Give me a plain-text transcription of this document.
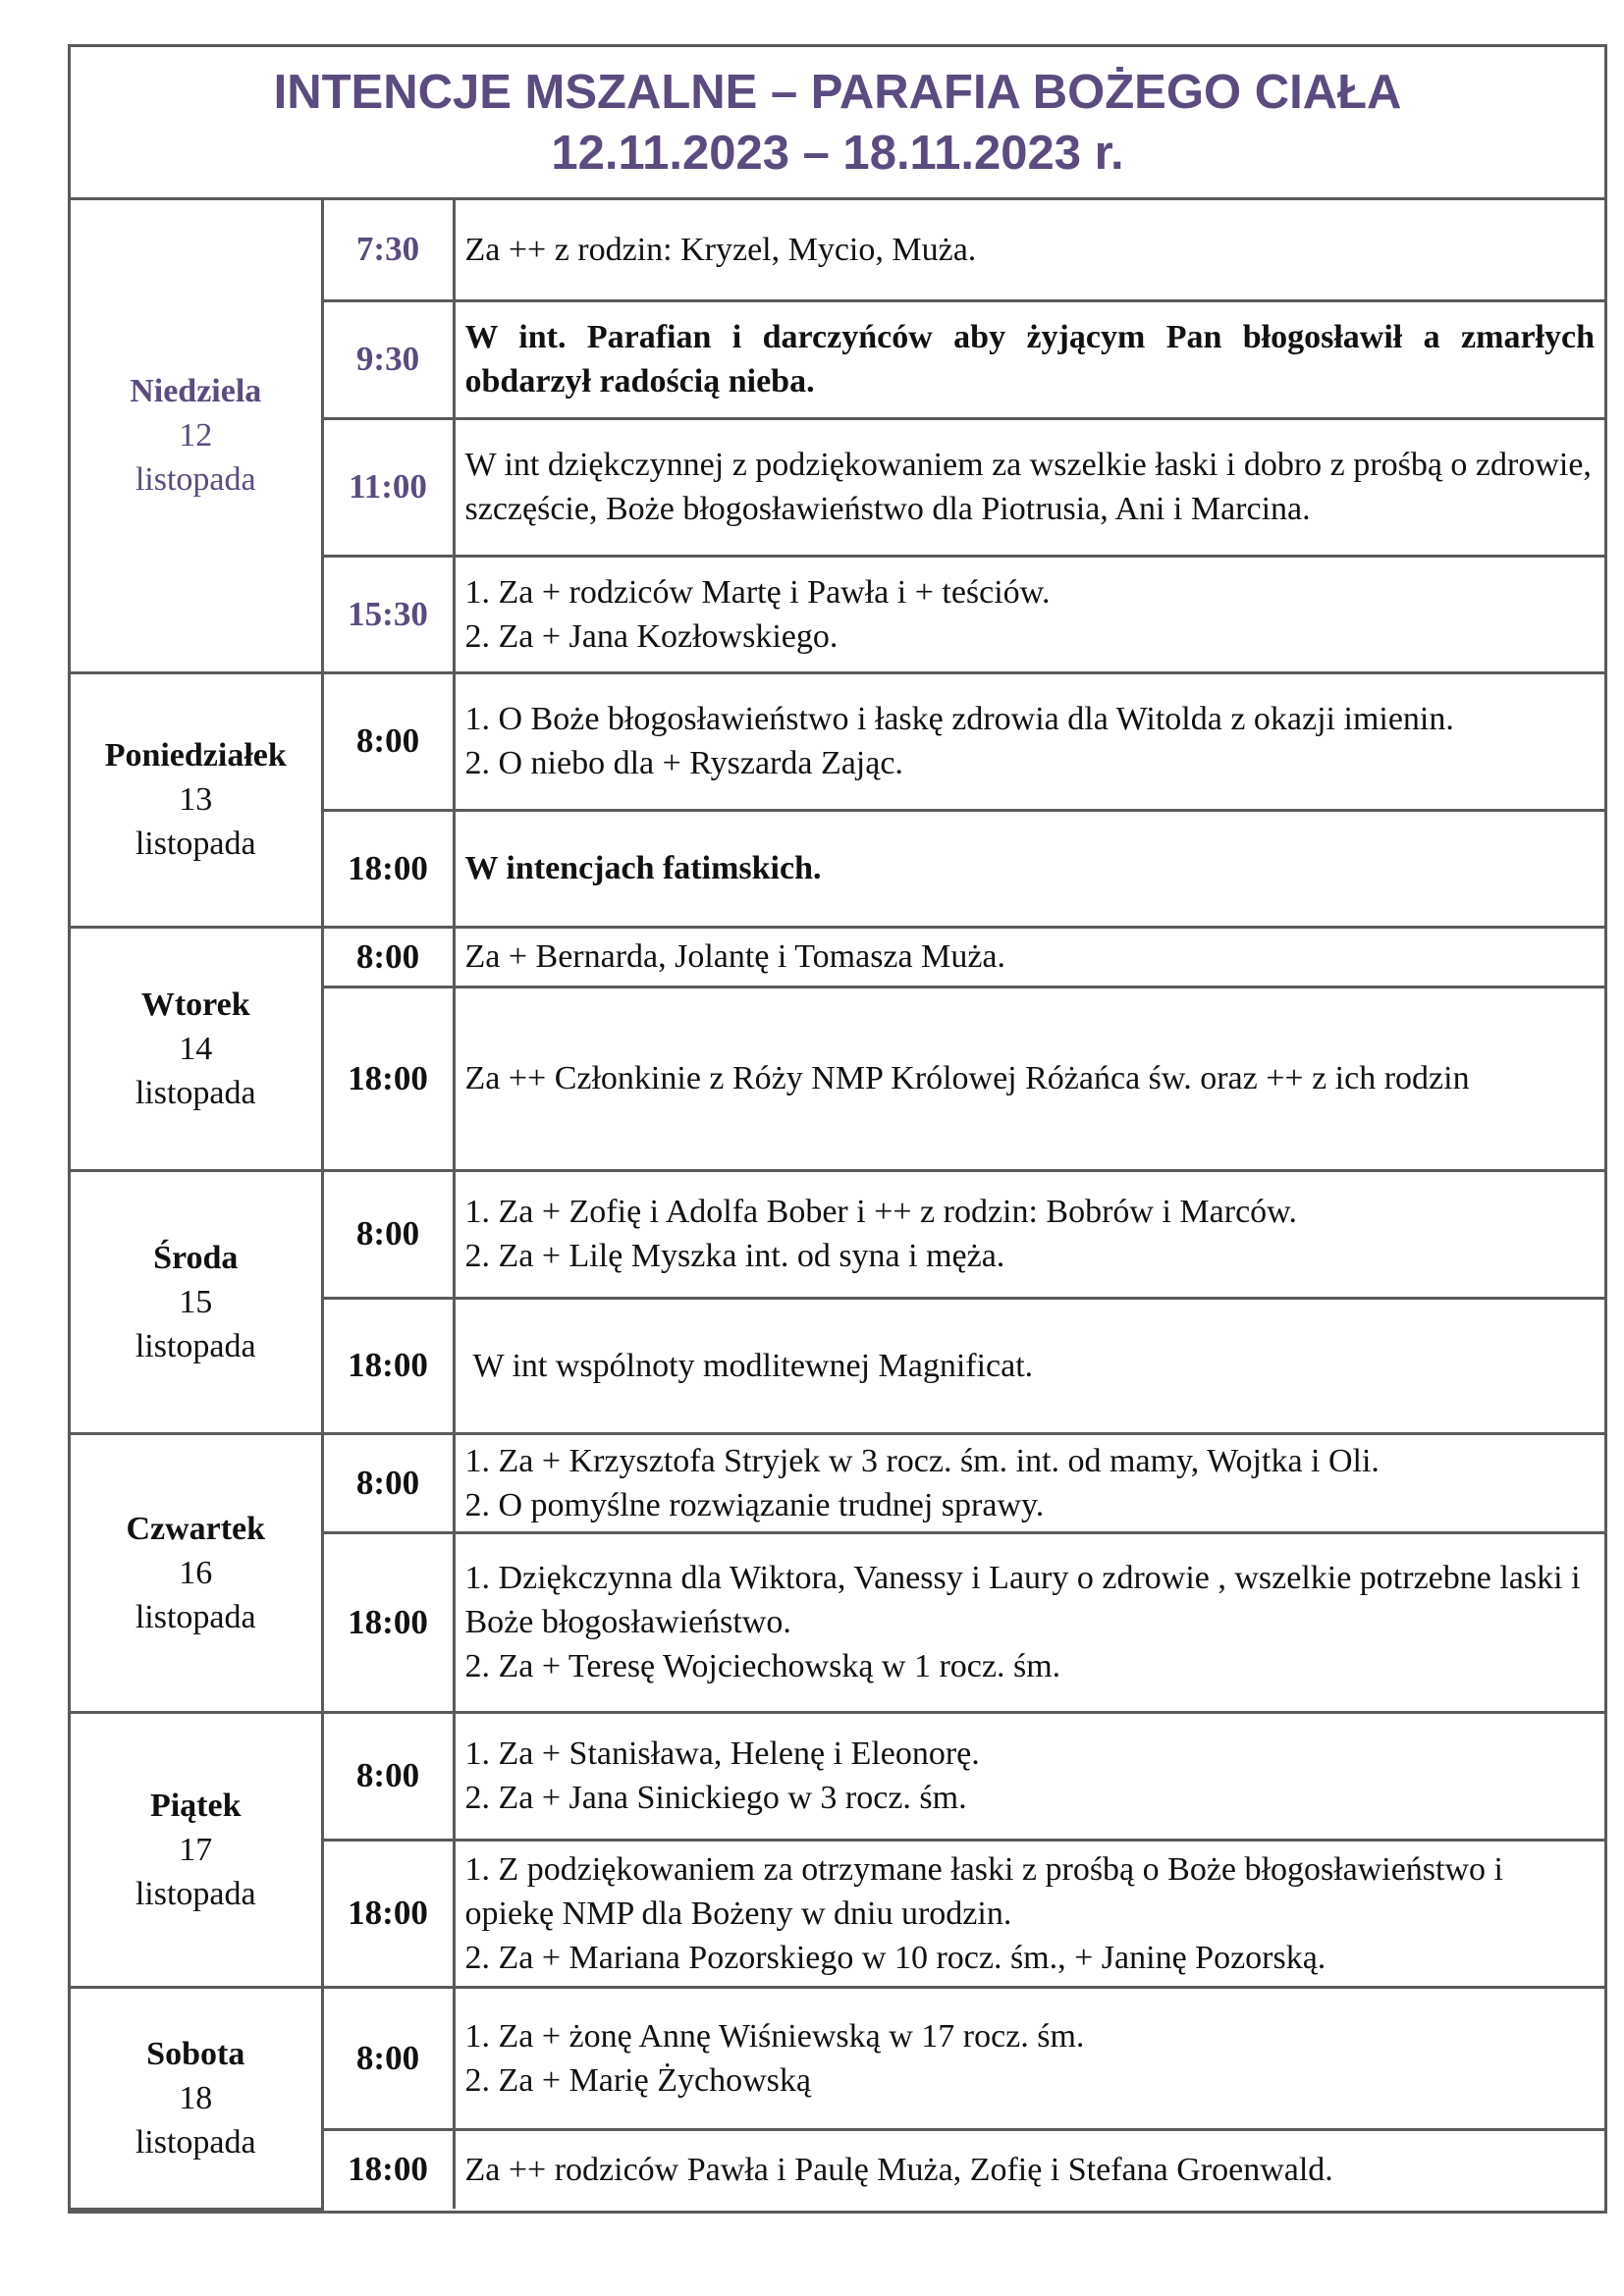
INTENCJE MSZALNE – PARAFIA BOŻEGO CIAŁA
12.11.2023 – 18.11.2023 r.
Niedziela
12
listopada	7:30	Za ++ z rodzin: Kryzel, Mycio, Muża.

	9:30	W int. Parafian i darczyńców aby żyjącym Pan błogosławił a zmarłych obdarzył radością nieba.

	11:00	W int dziękczynnej z podziękowaniem za wszelkie łaski i dobro z prośbą o zdrowie, szczęście, Boże błogosławieństwo dla Piotrusia, Ani i Marcina.

	15:30	1. Za + rodziców Martę i Pawła i + teściów.
2. Za + Jana Kozłowskiego.

Poniedziałek
13
listopada	8:00	1. O Boże błogosławieństwo i łaskę zdrowia dla Witolda z okazji imienin.
2. O niebo dla + Ryszarda Zając.

	18:00	W intencjach fatimskich.

Wtorek
14
listopada	8:00	Za + Bernarda, Jolantę i Tomasza Muża.

	18:00	Za ++ Członkinie z Róży NMP Królowej Różańca św. oraz ++ z ich rodzin

Środa
15
listopada	8:00	1. Za + Zofię i Adolfa Bober i ++ z rodzin: Bobrów i Marców.
2. Za + Lilę Myszka int. od syna i męża.

	18:00	W int wspólnoty modlitewnej Magnificat.

Czwartek
16
listopada	8:00	1. Za + Krzysztofa Stryjek w 3 rocz. śm. int. od mamy, Wojtka i Oli.
2. O pomyślne rozwiązanie trudnej sprawy.

	18:00	1. Dziękczynna dla Wiktora, Vanessy i Laury o zdrowie , wszelkie potrzebne laski i Boże błogosławieństwo.
2. Za + Teresę Wojciechowską w 1 rocz. śm.

Piątek
17
listopada	8:00	1. Za + Stanisława, Helenę i Eleonorę.
2. Za + Jana Sinickiego w 3 rocz. śm.

	18:00	1. Z podziękowaniem za otrzymane łaski z prośbą o Boże błogosławieństwo i opiekę NMP dla Bożeny w dniu urodzin.
2. Za + Mariana Pozorskiego w 10 rocz. śm., + Janinę Pozorską.

Sobota
18
listopada	8:00	1. Za + żonę Annę Wiśniewską w 17 rocz. śm.
2. Za + Marię Żychowską

	18:00	Za ++ rodziców Pawła i Paulę Muża, Zofię i Stefana Groenwald.
